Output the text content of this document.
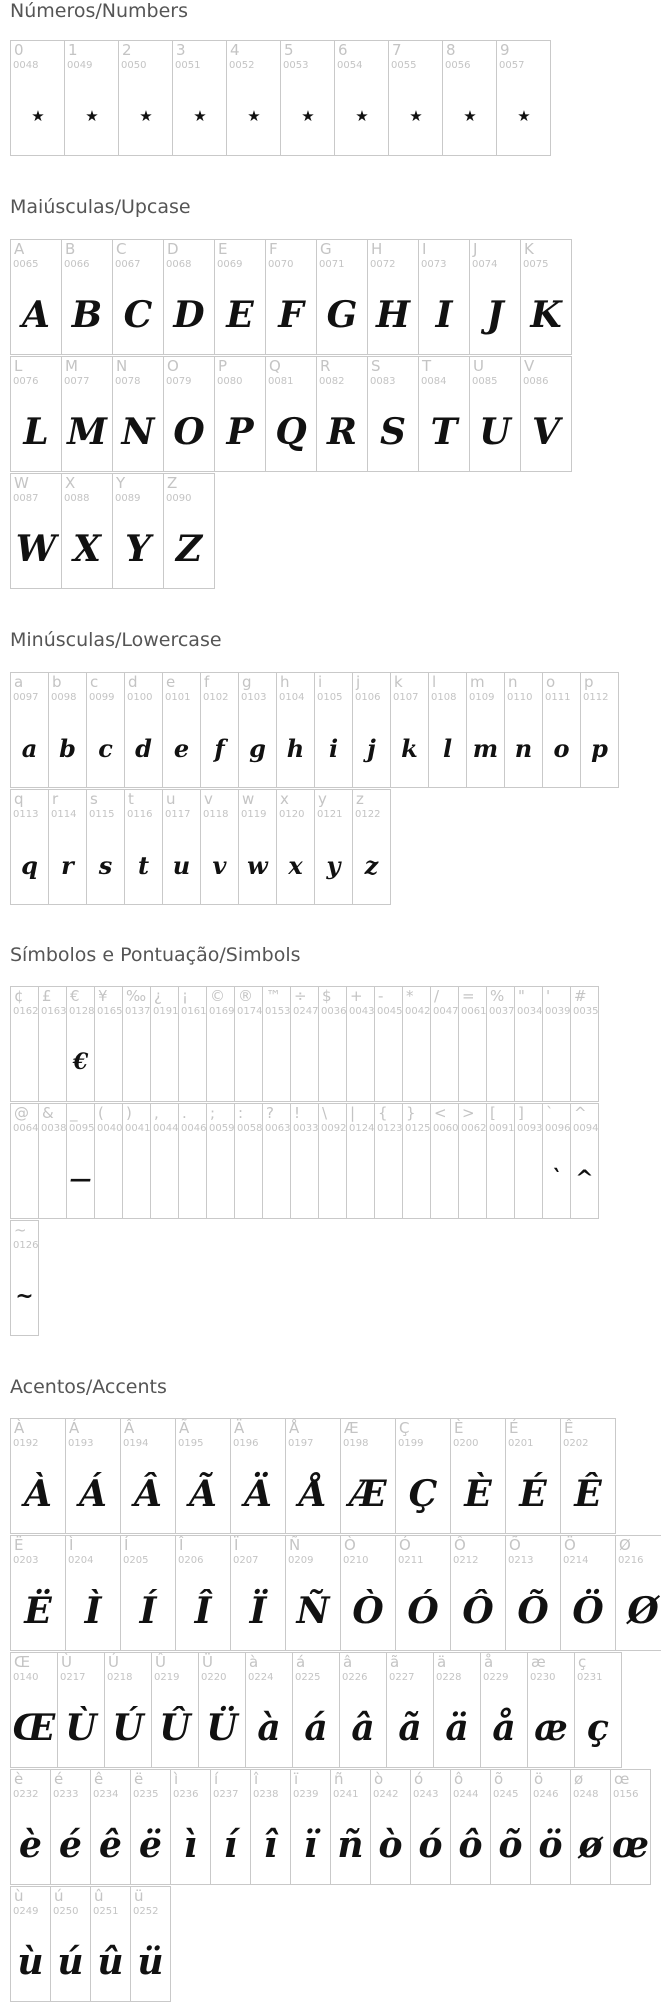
Números/Numbers
0
0048
★
1
0049
★
2
0050
★
3
0051
★
4
0052
★
5
0053
★
6
0054
★
7
0055
★
8
0056
★
9
0057
★
Maiúsculas/Upcase
A
0065
A
B
0066
B
C
0067
C
D
0068
D
E
0069
E
F
0070
F
G
0071
G
H
0072
H
I
0073
I
J
0074
J
K
0075
K
L
0076
L
M
0077
M
N
0078
N
O
0079
O
P
0080
P
Q
0081
Q
R
0082
R
S
0083
S
T
0084
T
U
0085
U
V
0086
V
W
0087
W
X
0088
X
Y
0089
Y
Z
0090
Z
Minúsculas/Lowercase
a
0097
a
b
0098
b
c
0099
c
d
0100
d
e
0101
e
f
0102
f
g
0103
g
h
0104
h
i
0105
i
j
0106
j
k
0107
k
l
0108
l
m
0109
m
n
0110
n
o
0111
o
p
0112
p
q
0113
q
r
0114
r
s
0115
s
t
0116
t
u
0117
u
v
0118
v
w
0119
w
x
0120
x
y
0121
y
z
0122
z
Símbolos e Pontuação/Simbols
¢
0162
£
0163
€
0128
€
¥
0165
‰
0137
¿
0191
¡
0161
©
0169
®
0174
™
0153
÷
0247
$
0036
+
0043
-
0045
*
0042
/
0047
=
0061
%
0037
"
0034
'
0039
#
0035
@
0064
&
0038
_
0095
—
(
0040
)
0041
,
0044
.
0046
;
0059
:
0058
?
0063
!
0033
\
0092
|
0124
{
0123
}
0125
<
0060
>
0062
[
0091
]
0093
`
0096
`
^
0094
^
~
0126
~
Acentos/Accents
À
0192
À
Á
0193
Á
Â
0194
Â
Ã
0195
Ã
Ä
0196
Ä
Å
0197
Å
Æ
0198
Æ
Ç
0199
Ç
È
0200
È
É
0201
É
Ê
0202
Ê
Ë
0203
Ë
Ì
0204
Ì
Í
0205
Í
Î
0206
Î
Ï
0207
Ï
Ñ
0209
Ñ
Ò
0210
Ò
Ó
0211
Ó
Ô
0212
Ô
Õ
0213
Õ
Ö
0214
Ö
Ø
0216
Ø
Œ
0140
Œ
Ù
0217
Ù
Ú
0218
Ú
Û
0219
Û
Ü
0220
Ü
à
0224
à
á
0225
á
â
0226
â
ã
0227
ã
ä
0228
ä
å
0229
å
æ
0230
æ
ç
0231
ç
è
0232
è
é
0233
é
ê
0234
ê
ë
0235
ë
ì
0236
ì
í
0237
í
î
0238
î
ï
0239
ï
ñ
0241
ñ
ò
0242
ò
ó
0243
ó
ô
0244
ô
õ
0245
õ
ö
0246
ö
ø
0248
ø
œ
0156
œ
ù
0249
ù
ú
0250
ú
û
0251
û
ü
0252
ü
